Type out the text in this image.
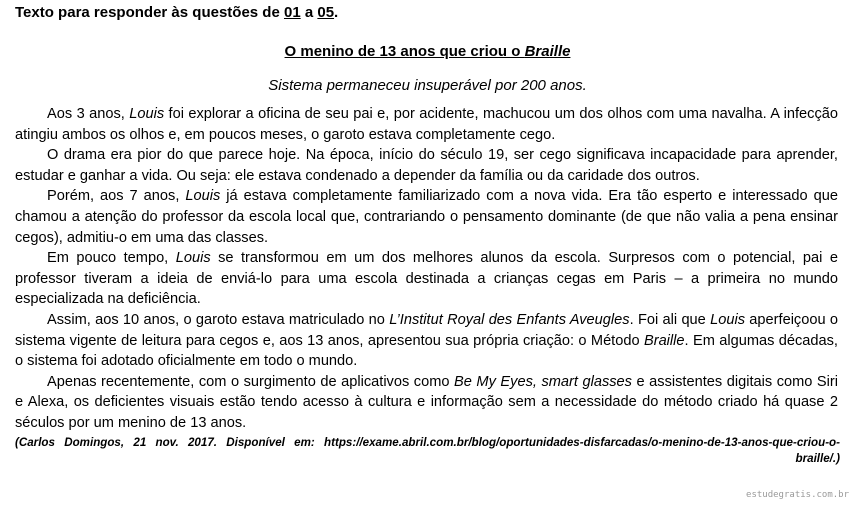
Texto para responder às questões de 01 a 05.
O menino de 13 anos que criou o Braille
Sistema permaneceu insuperável por 200 anos.

Aos 3 anos, Louis foi explorar a oficina de seu pai e, por acidente, machucou um dos olhos com uma navalha. A infecção atingiu ambos os olhos e, em poucos meses, o garoto estava completamente cego.

O drama era pior do que parece hoje. Na época, início do século 19, ser cego significava incapacidade para aprender, estudar e ganhar a vida. Ou seja: ele estava condenado a depender da família ou da caridade dos outros.

Porém, aos 7 anos, Louis já estava completamente familiarizado com a nova vida. Era tão esperto e interessado que chamou a atenção do professor da escola local que, contrariando o pensamento dominante (de que não valia a pena ensinar cegos), admitiu-o em uma das classes.

Em pouco tempo, Louis se transformou em um dos melhores alunos da escola. Surpresos com o potencial, pai e professor tiveram a ideia de enviá-lo para uma escola destinada a crianças cegas em Paris – a primeira no mundo especializada na deficiência.

Assim, aos 10 anos, o garoto estava matriculado no L’Institut Royal des Enfants Aveugles. Foi ali que Louis aperfeiçoou o sistema vigente de leitura para cegos e, aos 13 anos, apresentou sua própria criação: o Método Braille. Em algumas décadas, o sistema foi adotado oficialmente em todo o mundo.

Apenas recentemente, com o surgimento de aplicativos como Be My Eyes, smart glasses e assistentes digitais como Siri e Alexa, os deficientes visuais estão tendo acesso à cultura e informação sem a necessidade do método criado há quase 2 séculos por um menino de 13 anos.

(Carlos Domingos, 21 nov. 2017. Disponível em: https://exame.abril.com.br/blog/oportunidades-disfarcadas/o-menino-de-13-anos-que-criou-o-braille/.)
estudegratis.com.br
